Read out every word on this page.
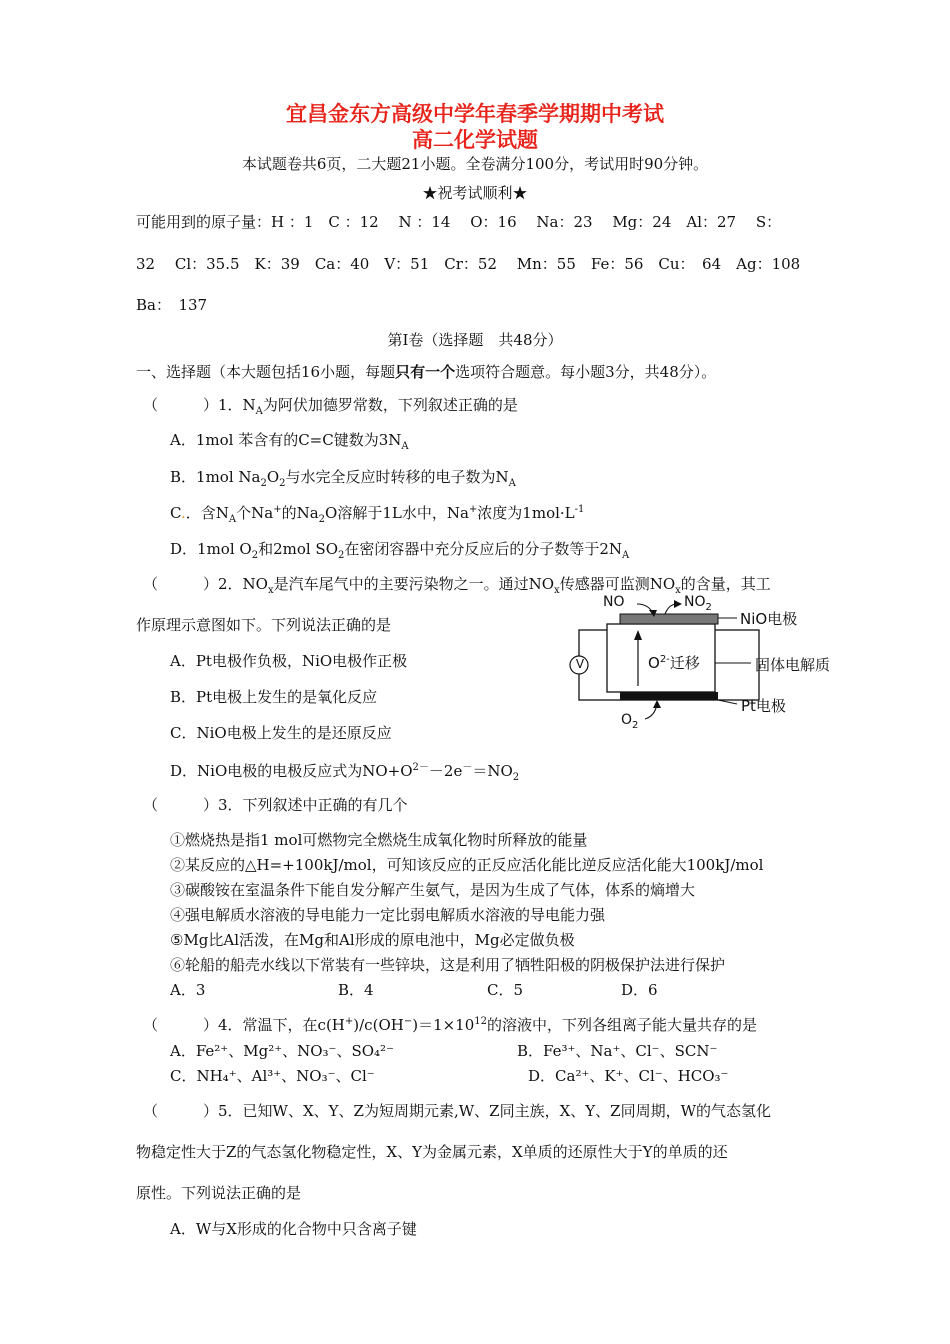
宜昌金东方高级中学年春季学期期中考试
高二化学试题
本试题卷共6页，二大题21小题。全卷满分100分，考试用时90分钟。
★祝考试顺利★
可能用到的原子量：H ：1　C ：12　 N ：14　 O：16　 Na：23　 Mg：24　Al：27　 S：
32　 Cl：35.5　K：39　Ca：40　V：51　Cr：52　 Mn：55　Fe：56　Cu：　64　Ag：108
Ba：　137
第Ⅰ卷（选择题　共48分）
一、选择题（本大题包括16小题，每题只有一个选项符合题意。每小题3分，共48分）。
（　　　）1．$N_A$为阿伏加德罗常数，下列叙述正确的是
A．1mol 苯含有的C=C键数为$3N_A$
B．1mol $Na_2O_2$与水完全反应时转移的电子数为$N_A$
C.．含$N_A$个Na+的$Na_2O$溶解于1L水中，Na+浓度为$1mol\cdot L^{-1}$
D．1mol $O_2$和2mol $SO_2$在密闭容器中充分反应后的分子数等于$2N_A$
（　　　）2．$NO_x$是汽车尾气中的主要污染物之一。通过$NO_x$传感器可监测$NO_x$的含量，其工
作原理示意图如下。下列说法正确的是
A．Pt电极作负极，NiO电极作正极
B．Pt电极上发生的是氧化反应
C．NiO电极上发生的是还原反应
D．NiO电极的电极反应式为$NO+O^{2-}-2e^-=NO_2$
NO	$NO_2$
NiO电极
V	$O^{2-}$迁移	固体电解质
Pt电极
$O_2$
（　　　）3．下列叙述中正确的有几个
①燃烧热是指1 mol可燃物完全燃烧生成氧化物时所释放的能量
②某反应的△H=+100kJ/mol，可知该反应的正反应活化能比逆反应活化能大100kJ/mol
③碳酸铵在室温条件下能自发分解产生氨气，是因为生成了气体，体系的熵增大
④强电解质水溶液的导电能力一定比弱电解质水溶液的导电能力强
⑤Mg比Al活泼，在Mg和Al形成的原电池中，Mg必定做负极
⑥轮船的船壳水线以下常装有一些锌块，这是利用了牺牲阳极的阴极保护法进行保护
A．3	B．4	C．5	D．6
（　　　）4．常温下，在$c(H^+)/c(OH^-)=1\times 10^{12}$的溶液中，下列各组离子能大量共存的是
A．Fe²⁺、Mg²⁺、NO₃⁻、SO₄²⁻	B．Fe³⁺、Na⁺、Cl⁻、SCN⁻
C．NH₄⁺、Al³⁺、NO₃⁻、Cl⁻	D．Ca²⁺、K⁺、Cl⁻、HCO₃⁻
（　　　）5．已知W、X、Y、Z为短周期元素,W、Z同主族，X、Y、Z同周期，W的气态氢化
物稳定性大于Z的气态氢化物稳定性，X、Y为金属元素，X单质的还原性大于Y的单质的还
原性。下列说法正确的是
A．W与X形成的化合物中只含离子键
